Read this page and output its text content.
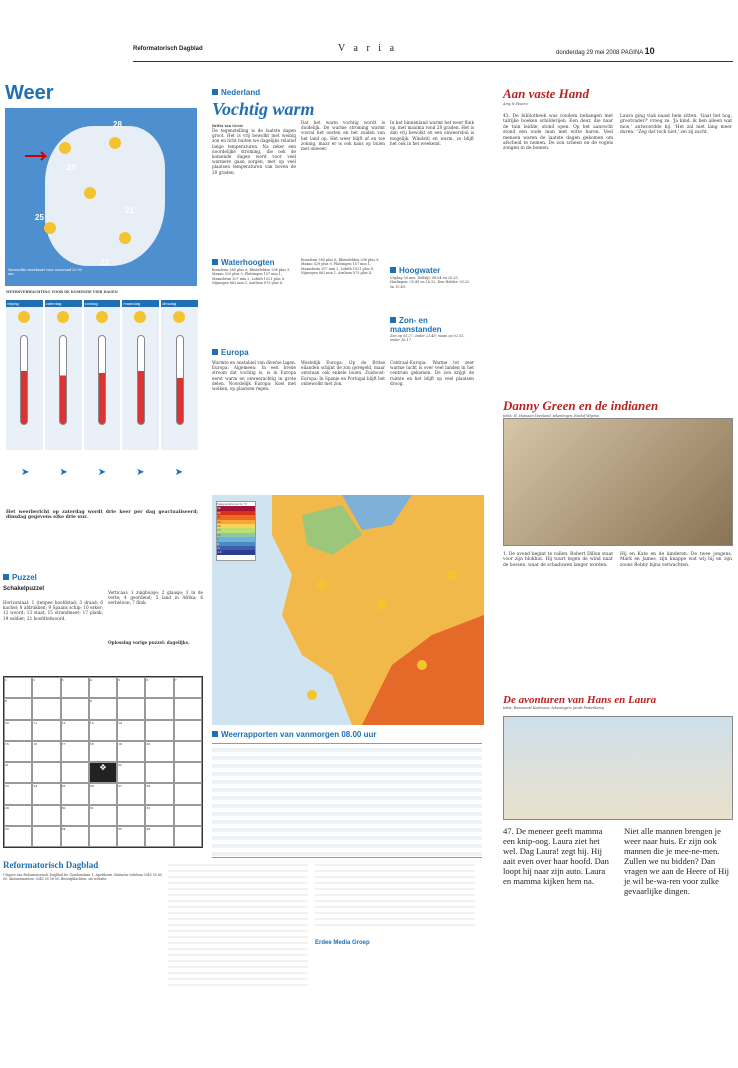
Reformatorisch Dagblad	V a r i a	donderdag 29 mei 2008 PAGINA 10
Weer
28
20
25
21
23
Verwachte weerkaart voor vanavond 20:00 uur
WEERSVERWACHTING VOOR DE KOMENDE VIER DAGEN
vrijdag	zaterdag	zondag	maandag	dinsdag
➤	➤	➤	➤	➤
Het weerbericht op zaterdag wordt drie keer per dag geactualiseerd; dinsdag gegevens elke drie uur.
Nederland
Vochtig warm
Britta van Geest
De tegenstelling is de laatste dagen groot. Het is vrij bewolkt met weinig zon en licht buiten we dagelijks relatief lange temperaturen. Na zeker een noordelijke stroming, die ook de komende dagen werd voor veel warmere gaan zorgen, met op veel plaatsen temperaturen van boven de 20 graden.
Dat het warm vochtig wordt is duidelijk. De warme stroming warmt vooral het oosten en het zuiden van het land op. Het weer blijft af en toe zonnig, maar er is ook kans op buien met onweer.
In het binnenland warmt het weer flink op, met maxima rond 28 graden. Het is dan vrij bewolkt en een onweersbui is mogelijk. Windstil en warm, zo blijft het ook in het weekend.
Waterhoogten
Borndorn 380 plus 6, Rheinfelden 298 plus 9, Maxau 529 plus 9, Plattingen 157 min 1, Maxmheim 307 min 2, Lobith 1021 plus 8, Nijmegen 862 min 1, Arnhem 875 plus 4.
Borndorn 380 plus 6, Rheinfelden 298 plus 9, Maxau 529 plus 9, Plattingen 157 min 1, Maxmheim 307 min 2, Lobith 1021 plus 8, Nijmegen 862 min 1, Arnhem 875 plus 4.	Hoogwater
Vrijdag 30 mei. Delfzijl: 08.04 en 20.25, Harlingen: 05.49 en 18.12, Den Helder: 03.25 en 15.49.
Zon- en maanstanden
Zon op 05.27, onder 21.46; maan op 02.51, onder 16.17.
Europa
Warmte en onstabiel van diverse lagen. Europa: Algemeen: In een brede stroom dat vochtig is, is in Europa eerst warm en onweerachtig in grote delen. Noordelijk Europa: Koel met wolken, op plaatsen regen.
Westelijk Europa: Op de Britse eilanden schijnt de zon geregeld, maar ontstaan ook enkele buien. Zuidoost-Europa: In Spanje en Portugal blijft het onbewolkt met zon.
Centraal-Europa: Warme tot zeer warme lucht is over veel landen in het centrum gekomen. De zon krijgt de ruimte en het blijft op veel plaatsen droog.
Temperaturen in °C
40
35
30
25
20
15
10
5
0
-5
-10
Weerrapporten van vanmorgen 08.00 uur
Puzzel
Schakelpuzzel
Horizontaal: 1 (tenpee hoofdstad; 3 draad; 6 kachel; 8 afdrukken; 9 Spaans schip; 10 erker; 12 woord; 13 staat; 15 strandmeer; 17 plank; 19 soldier; 21 hoofdtelwoord.
Verticaal: 1 zuigbuisje; 2 glaasje; 3 in de verte; 4 geordend; 5 land in Afrika; 6 eerbetoon; 7 flink.
Oplossing vorige puzzel: dagelijks.
1	2	3	4	5	6	7
8	9
10	11	12	13	14
15	16	17	18	19	20
21	✥	22
23	24	25	26	27	28
29	30	31	32
33	34	35	36
Reformatorisch Dagblad
Uitgave van Reformatorisch Dagblad bv. Gasthuislaan 1, Apeldoorn. Redactie telefoon 0345 55 65 00. Abonnementen: 0345 55 58 00. Bezorgklachten: zie website.
Erdee Media Groep
Aan vaste Hand
Amy le Feuvre
43. De bibliotheek was rondom behangen met talrijke boeken schilderijen. Een deur, die naar de tuin leidde, stond open. Op het aanrecht stond een oude man met witte haren. Veel mensen waren de laatste dagen gekomen om afscheid te nemen. De zon scheen en de vogels zongen in de bomen.
Laura ging vlak naast hem zitten. 'Gaat het nog, grootvader?' vroeg ze. 'Ja kind, ik ben alleen wat moe,' antwoordde hij. 'Het zal niet lang meer duren.' 'Zeg dat toch niet,' zei zij zacht.
Danny Green en de indianen
tekst: H. Hanssen Veenland, tekeningen: Roelof Wijsma
1. De avond begint te vallen. Robert Dillon staat voor zijn blokhut. Hij tuurt tegen de wind naar de bossen, waar de schaduwen langer worden.
Hij en Kate en de kinderen. De twee jongens, Mark en James, zijn knappe wat wij hij en zijn zoons Bobby bijna verwachten.
De avonturen van Hans en Laura
tekst: Rosemond Koolmees, tekeningen: Jacob Pasterkamp
47. De meneer geeft mamma een knip-oog. Laura ziet het wel. Dag Laura! zegt hij. Hij aait even over haar hoofd. Dan loopt hij naar zijn auto. Laura en mamma kijken hem na.
Niet alle mannen brengen je weer naar huis. Er zijn ook mannen die je mee-ne-men. Zullen we nu bidden? Dan vragen we aan de Heere of Hij je wil be-wa-ren voor zulke gevaarlijke dingen.
